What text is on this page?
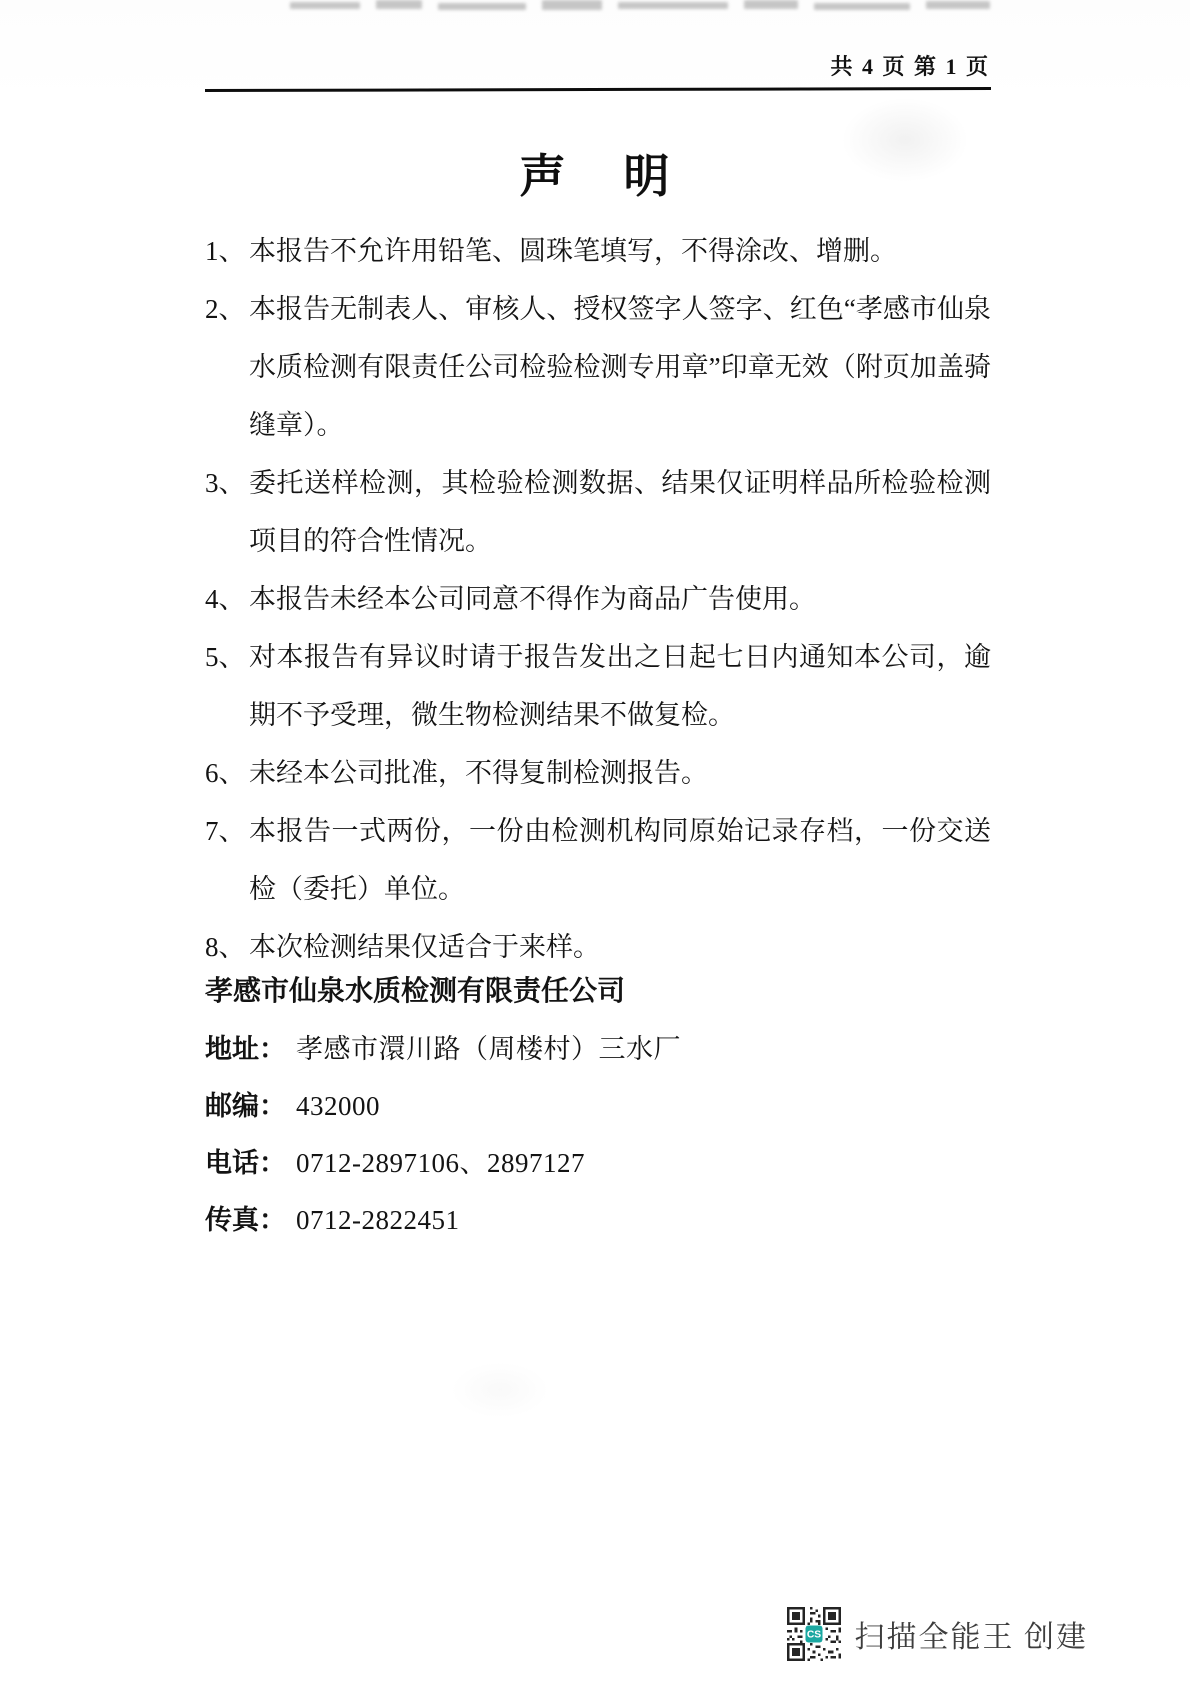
共 4 页 第 1 页
声　明
1、 本报告不允许用铅笔、圆珠笔填写，不得涂改、增删。
2、 本报告无制表人、审核人、授权签字人签字、红色“孝感市仙泉水质检测有限责任公司检验检测专用章”印章无效（附页加盖骑缝章）。
3、 委托送样检测，其检验检测数据、结果仅证明样品所检验检测项目的符合性情况。
4、 本报告未经本公司同意不得作为商品广告使用。
5、 对本报告有异议时请于报告发出之日起七日内通知本公司，逾期不予受理，微生物检测结果不做复检。
6、 未经本公司批准，不得复制检测报告。
7、 本报告一式两份，一份由检测机构同原始记录存档，一份交送检（委托）单位。
8、 本次检测结果仅适合于来样。
孝感市仙泉水质检测有限责任公司
地址： 孝感市澴川路（周楼村）三水厂
邮编： 432000
电话： 0712-2897106、2897127
传真： 0712-2822451
CS 扫描全能王 创建
